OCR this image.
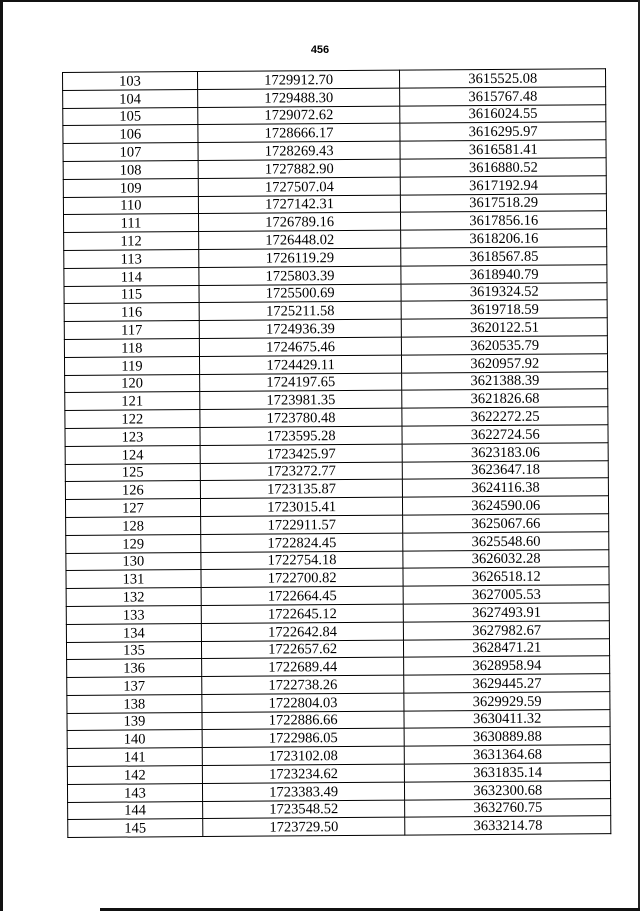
456
103	1729912.70	3615525.08
104	1729488.30	3615767.48
105	1729072.62	3616024.55
106	1728666.17	3616295.97
107	1728269.43	3616581.41
108	1727882.90	3616880.52
109	1727507.04	3617192.94
110	1727142.31	3617518.29
111	1726789.16	3617856.16
112	1726448.02	3618206.16
113	1726119.29	3618567.85
114	1725803.39	3618940.79
115	1725500.69	3619324.52
116	1725211.58	3619718.59
117	1724936.39	3620122.51
118	1724675.46	3620535.79
119	1724429.11	3620957.92
120	1724197.65	3621388.39
121	1723981.35	3621826.68
122	1723780.48	3622272.25
123	1723595.28	3622724.56
124	1723425.97	3623183.06
125	1723272.77	3623647.18
126	1723135.87	3624116.38
127	1723015.41	3624590.06
128	1722911.57	3625067.66
129	1722824.45	3625548.60
130	1722754.18	3626032.28
131	1722700.82	3626518.12
132	1722664.45	3627005.53
133	1722645.12	3627493.91
134	1722642.84	3627982.67
135	1722657.62	3628471.21
136	1722689.44	3628958.94
137	1722738.26	3629445.27
138	1722804.03	3629929.59
139	1722886.66	3630411.32
140	1722986.05	3630889.88
141	1723102.08	3631364.68
142	1723234.62	3631835.14
143	1723383.49	3632300.68
144	1723548.52	3632760.75
145	1723729.50	3633214.78
